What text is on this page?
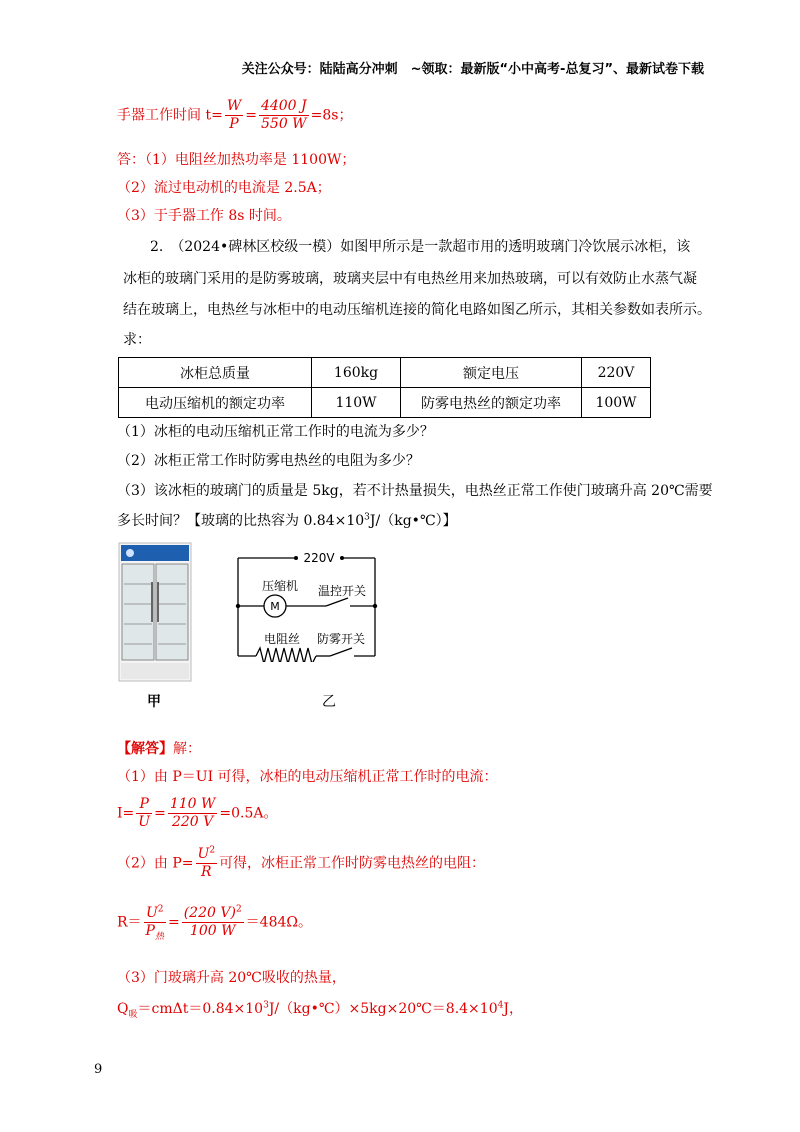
关注公众号：陆陆高分冲刺　~领取：最新版“小中高考-总复习”、最新试卷下载
手器工作时间 $t= \frac{W}{P} = \frac{4400 J}{550 W} =8s$；
答：（1）电阻丝加热功率是 1100W；
（2）流过电动机的电流是 2.5A；
（3）于手器工作 8s 时间。
2.　（2024•碑林区校级一模）如图甲所示是一款超市用的透明玻璃门冷饮展示冰柜，该
冰柜的玻璃门采用的是防雾玻璃，玻璃夹层中有电热丝用来加热玻璃，可以有效防止水蒸气凝
结在玻璃上，电热丝与冰柜中的电动压缩机连接的简化电路如图乙所示，其相关参数如表所示。
求：
冰柜总质量	160kg	额定电压	220V
电动压缩机的额定功率	110W	防雾电热丝的额定功率	100W
（1）冰柜的电动压缩机正常工作时的电流为多少？
（2）冰柜正常工作时防雾电热丝的电阻为多少？
（3）该冰柜的玻璃门的质量是 5kg，若不计热量损失，电热丝正常工作使门玻璃升高 20℃需要
多长时间？【玻璃的比热容为 $0.84\times 10^3J/(kg•℃)$】
甲
220V
M
压缩机 温控开关
电阻丝 防雾开关
乙
【解答】解：
（1）由 P＝UI 可得，冰柜的电动压缩机正常工作时的电流：
$I= \frac{P}{U} = \frac{110 W}{220 V} =0.5A$。
（2）由 $P= \frac{U^2}{R}$ 可得，冰柜正常工作时防雾电热丝的电阻：
$R= \frac{U^2}{P_热} = \frac{(220 V)^2}{100 W} =484\Omega$。
（3）门玻璃升高 20℃吸收的热量，
$Q_吸=cm\Delta t=0.84\times 10^3J/(kg•℃)\times 5kg\times 20℃=8.4\times 10^4J$，
9
